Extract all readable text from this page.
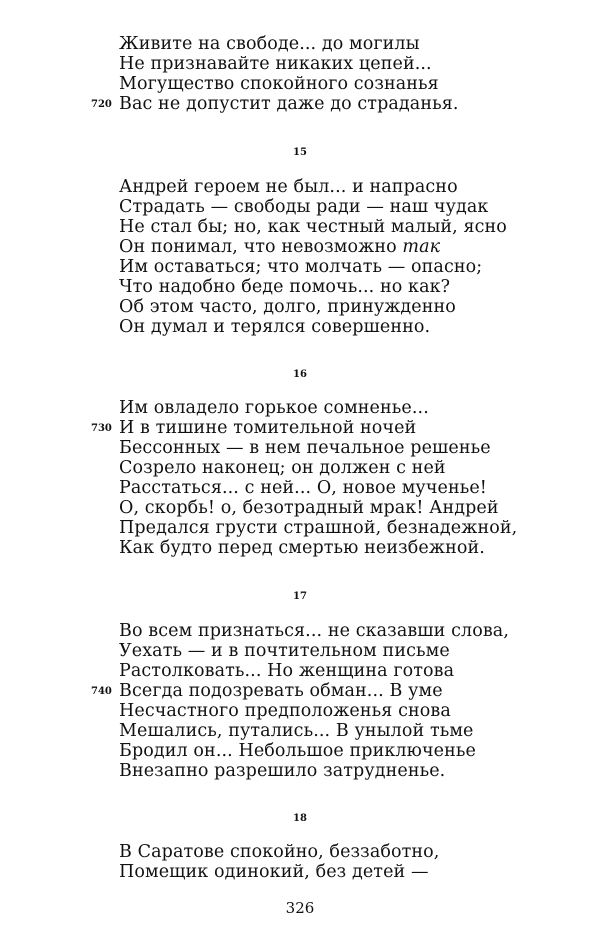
Живите на свободе... до могилы
Не признавайте никаких цепей...
Могущество спокойного сознанья
720 Вас не допустит даже до страданья.
15
Андрей героем не был... и напрасно
Страдать — свободы ради — наш чудак
Не стал бы; но, как честный малый, ясно
Он понимал, что невозможно так
Им оставаться; что молчать — опасно;
Что надобно беде помочь... но как?
Об этом часто, долго, принужденно
Он думал и терялся совершенно.
16
Им овладело горькое сомненье...
730 И в тишине томительной ночей
Бессонных — в нем печальное решенье
Созрело наконец; он должен с ней
Расстаться... с ней... О, новое мученье!
О, скорбь! о, безотрадный мрак! Андрей
Предался грусти страшной, безнадежной,
Как будто перед смертью неизбежной.
17
Во всем признаться... не сказавши слова,
Уехать — и в почтительном письме
Растолковать... Но женщина готова
740 Всегда подозревать обман... В уме
Несчастного предположенья снова
Мешались, путались... В унылой тьме
Бродил он... Небольшое приключенье
Внезапно разрешило затрудненье.
18
В Саратове спокойно, беззаботно,
Помещик одинокий, без детей —
326
